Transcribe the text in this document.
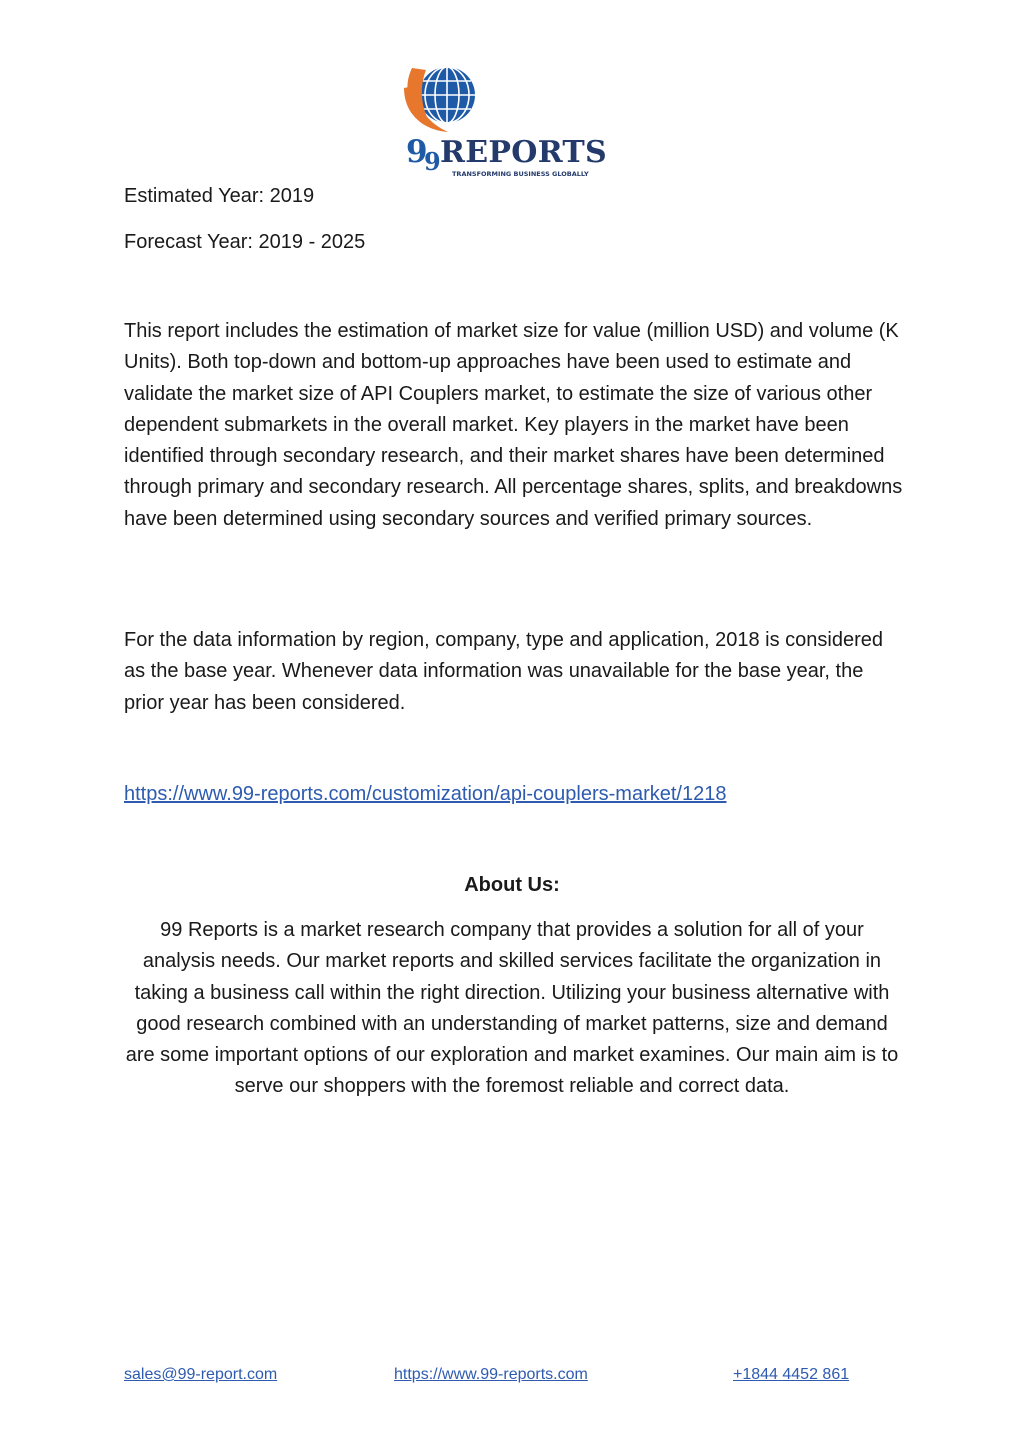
9
9 REPORTS
TRANSFORMING BUSINESS GLOBALLY

Estimated Year: 2019

Forecast Year: 2019 - 2025

This report includes the estimation of market size for value (million USD) and volume (K Units). Both top-down and bottom-up approaches have been used to estimate and validate the market size of API Couplers market, to estimate the size of various other dependent submarkets in the overall market. Key players in the market have been identified through secondary research, and their market shares have been determined through primary and secondary research. All percentage shares, splits, and breakdowns have been determined using secondary sources and verified primary sources.

For the data information by region, company, type and application, 2018 is considered as the base year. Whenever data information was unavailable for the base year, the prior year has been considered.

https://www.99-reports.com/customization/api-couplers-market/1218
About Us:

99 Reports is a market research company that provides a solution for all of your analysis needs. Our market reports and skilled services facilitate the organization in taking a business call within the right direction. Utilizing your business alternative with good research combined with an understanding of market patterns, size and demand are some important options of our exploration and market examines. Our main aim is to serve our shoppers with the foremost reliable and correct data.

sales@99-report.com	https://www.99-reports.com	+1844 4452 861
